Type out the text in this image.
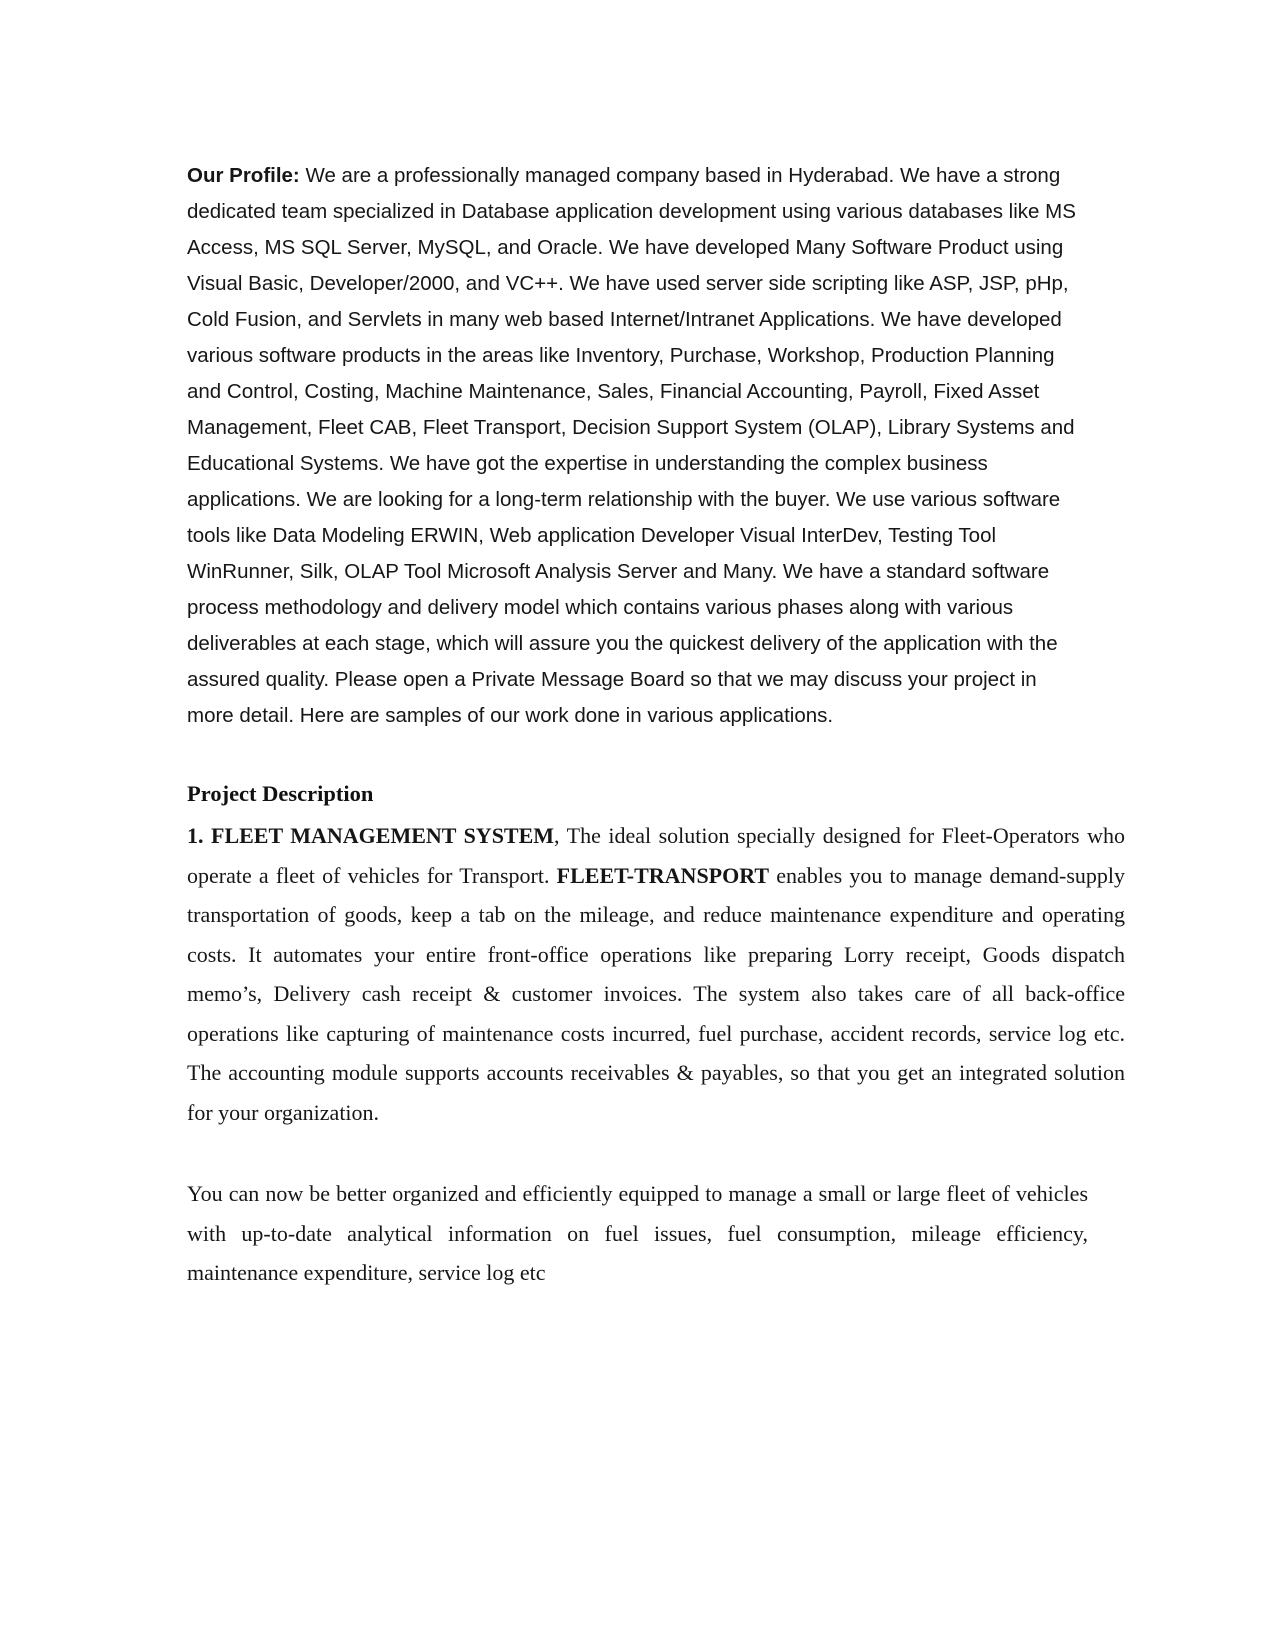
Our Profile: We are a professionally managed company based in Hyderabad. We have a strong dedicated team specialized in Database application development using various databases like MS Access, MS SQL Server, MySQL, and Oracle. We have developed Many Software Product using Visual Basic, Developer/2000, and VC++. We have used server side scripting like ASP, JSP, pHp, Cold Fusion, and Servlets in many web based Internet/Intranet Applications. We have developed various software products in the areas like Inventory, Purchase, Workshop, Production Planning and Control, Costing, Machine Maintenance, Sales, Financial Accounting, Payroll, Fixed Asset Management, Fleet CAB, Fleet Transport, Decision Support System (OLAP), Library Systems and Educational Systems. We have got the expertise in understanding the complex business applications. We are looking for a long-term relationship with the buyer. We use various software tools like Data Modeling ERWIN, Web application Developer Visual InterDev, Testing Tool WinRunner, Silk, OLAP Tool Microsoft Analysis Server and Many. We have a standard software process methodology and delivery model which contains various phases along with various deliverables at each stage, which will assure you the quickest delivery of the application with the assured quality. Please open a Private Message Board so that we may discuss your project in more detail. Here are samples of our work done in various applications.

Project Description

1. FLEET MANAGEMENT SYSTEM, The ideal solution specially designed for Fleet-Operators who operate a fleet of vehicles for Transport. FLEET-TRANSPORT enables you to manage demand-supply transportation of goods, keep a tab on the mileage, and reduce maintenance expenditure and operating costs. It automates your entire front-office operations like preparing Lorry receipt, Goods dispatch memo’s, Delivery cash receipt & customer invoices. The system also takes care of all back-office operations like capturing of maintenance costs incurred, fuel purchase, accident records, service log etc. The accounting module supports accounts receivables & payables, so that you get an integrated solution for your organization.

You can now be better organized and efficiently equipped to manage a small or large fleet of vehicles with up-to-date analytical information on fuel issues, fuel consumption, mileage efficiency, maintenance expenditure, service log etc
